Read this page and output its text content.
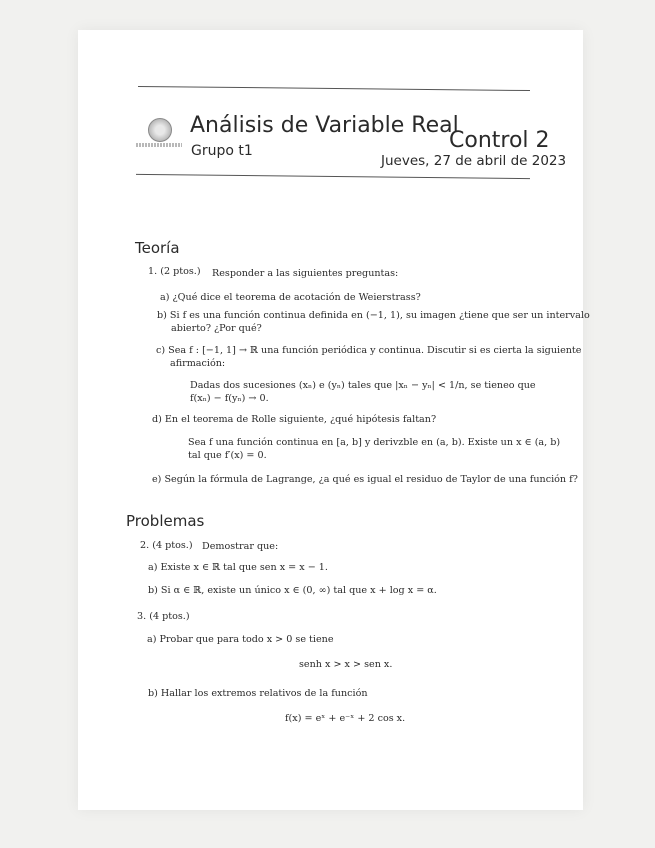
Análisis de Variable Real
Grupo t1	Control 2
Jueves, 27 de abril de 2023
Teoría
1. (2 ptos.) Responder a las siguientes preguntas:
a) ¿Qué dice el teorema de acotación de Weierstrass?
b) Si f es una función continua definida en (−1, 1), su imagen ¿tiene que ser un intervalo
abierto? ¿Por qué?
c) Sea f : [−1, 1] → ℝ una función periódica y continua. Discutir si es cierta la siguiente
afirmación:
Dadas dos sucesiones (xₙ) e (yₙ) tales que |xₙ − yₙ| < 1/n, se tieneo que
f(xₙ) − f(yₙ) → 0.
d) En el teorema de Rolle siguiente, ¿qué hipótesis faltan?
Sea f una función continua en [a, b] y derivzble en (a, b). Existe un x ∈ (a, b)
tal que f′(x) = 0.
e) Según la fórmula de Lagrange, ¿a qué es igual el residuo de Taylor de una función f?
Problemas
2. (4 ptos.) Demostrar que:
a) Existe x ∈ ℝ tal que sen x = x − 1.
b) Si α ∈ ℝ, existe un único x ∈ (0, ∞) tal que x + log x = α.
3. (4 ptos.)
a) Probar que para todo x > 0 se tiene
senh x > x > sen x.
b) Hallar los extremos relativos de la función
f(x) = eˣ + e⁻ˣ + 2 cos x.
